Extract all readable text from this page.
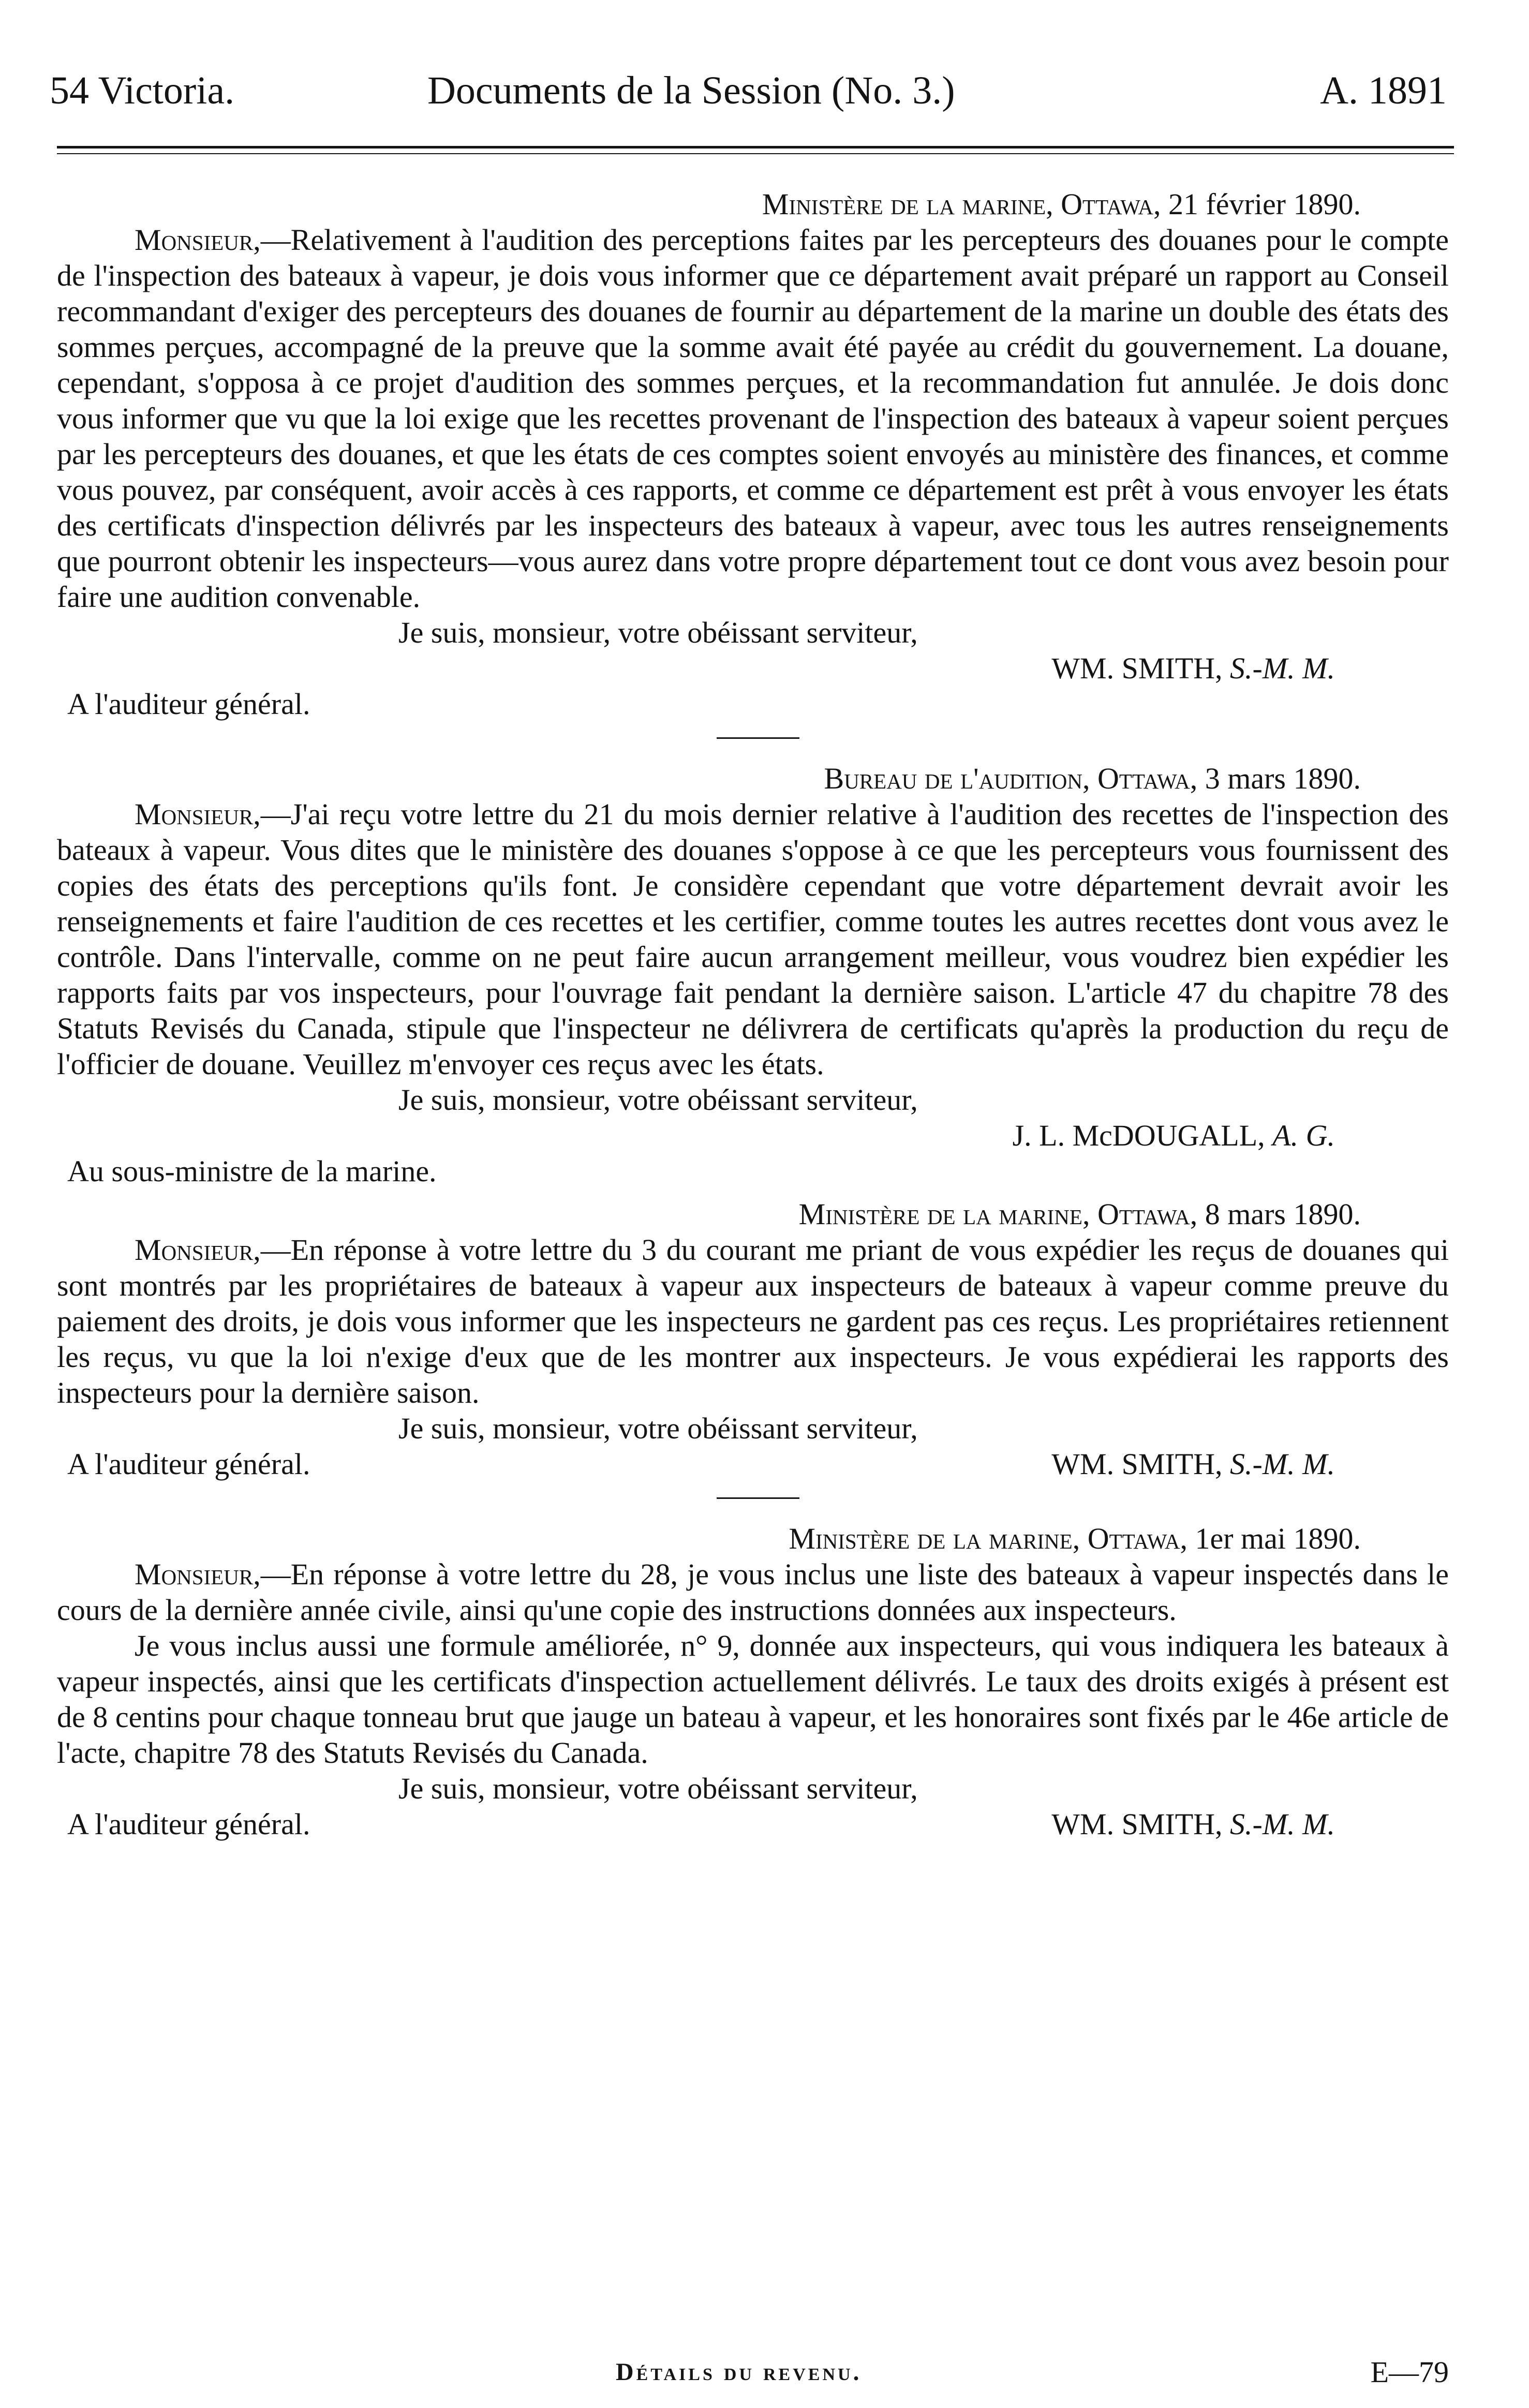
54 Victoria.	Documents de la Session (No. 3.)	A. 1891
Ministère de la marine, Ottawa, 21 février 1890.

Monsieur,—Relativement à l'audition des perceptions faites par les percepteurs des douanes pour le compte de l'inspection des bateaux à vapeur, je dois vous informer que ce département avait préparé un rapport au Conseil recommandant d'exiger des percepteurs des douanes de fournir au département de la marine un double des états des sommes perçues, accompagné de la preuve que la somme avait été payée au crédit du gouvernement. La douane, cependant, s'opposa à ce projet d'audition des sommes perçues, et la recommandation fut annulée. Je dois donc vous informer que vu que la loi exige que les recettes provenant de l'inspection des bateaux à vapeur soient perçues par les percepteurs des douanes, et que les états de ces comptes soient envoyés au ministère des finances, et comme vous pouvez, par conséquent, avoir accès à ces rapports, et comme ce département est prêt à vous envoyer les états des certificats d'inspection délivrés par les inspecteurs des bateaux à vapeur, avec tous les autres renseignements que pourront obtenir les inspecteurs—vous aurez dans votre propre département tout ce dont vous avez besoin pour faire une audition convenable.

Je suis, monsieur, votre obéissant serviteur,
WM. SMITH, S.-M. M.
A l'auditeur général.
Bureau de l'audition, Ottawa, 3 mars 1890.

Monsieur,—J'ai reçu votre lettre du 21 du mois dernier relative à l'audition des recettes de l'inspection des bateaux à vapeur. Vous dites que le ministère des douanes s'oppose à ce que les percepteurs vous fournissent des copies des états des perceptions qu'ils font. Je considère cependant que votre département devrait avoir les renseignements et faire l'audition de ces recettes et les certifier, comme toutes les autres recettes dont vous avez le contrôle. Dans l'intervalle, comme on ne peut faire aucun arrangement meilleur, vous voudrez bien expédier les rapports faits par vos inspecteurs, pour l'ouvrage fait pendant la dernière saison. L'article 47 du chapitre 78 des Statuts Revisés du Canada, stipule que l'inspecteur ne délivrera de certificats qu'après la production du reçu de l'officier de douane. Veuillez m'envoyer ces reçus avec les états.

Je suis, monsieur, votre obéissant serviteur,
J. L. McDOUGALL, A. G.
Au sous-ministre de la marine.
Ministère de la marine, Ottawa, 8 mars 1890.

Monsieur,—En réponse à votre lettre du 3 du courant me priant de vous expédier les reçus de douanes qui sont montrés par les propriétaires de bateaux à vapeur aux inspecteurs de bateaux à vapeur comme preuve du paiement des droits, je dois vous informer que les inspecteurs ne gardent pas ces reçus. Les propriétaires retiennent les reçus, vu que la loi n'exige d'eux que de les montrer aux inspecteurs. Je vous expédierai les rapports des inspecteurs pour la dernière saison.

Je suis, monsieur, votre obéissant serviteur,
A l'auditeur général.	WM. SMITH, S.-M. M.
Ministère de la marine, Ottawa, 1er mai 1890.

Monsieur,—En réponse à votre lettre du 28, je vous inclus une liste des bateaux à vapeur inspectés dans le cours de la dernière année civile, ainsi qu'une copie des instructions données aux inspecteurs.

Je vous inclus aussi une formule améliorée, n° 9, donnée aux inspecteurs, qui vous indiquera les bateaux à vapeur inspectés, ainsi que les certificats d'inspection actuellement délivrés. Le taux des droits exigés à présent est de 8 centins pour chaque tonneau brut que jauge un bateau à vapeur, et les honoraires sont fixés par le 46e article de l'acte, chapitre 78 des Statuts Revisés du Canada.

Je suis, monsieur, votre obéissant serviteur,
A l'auditeur général.	WM. SMITH, S.-M. M.
Détails du revenu.	E—79
